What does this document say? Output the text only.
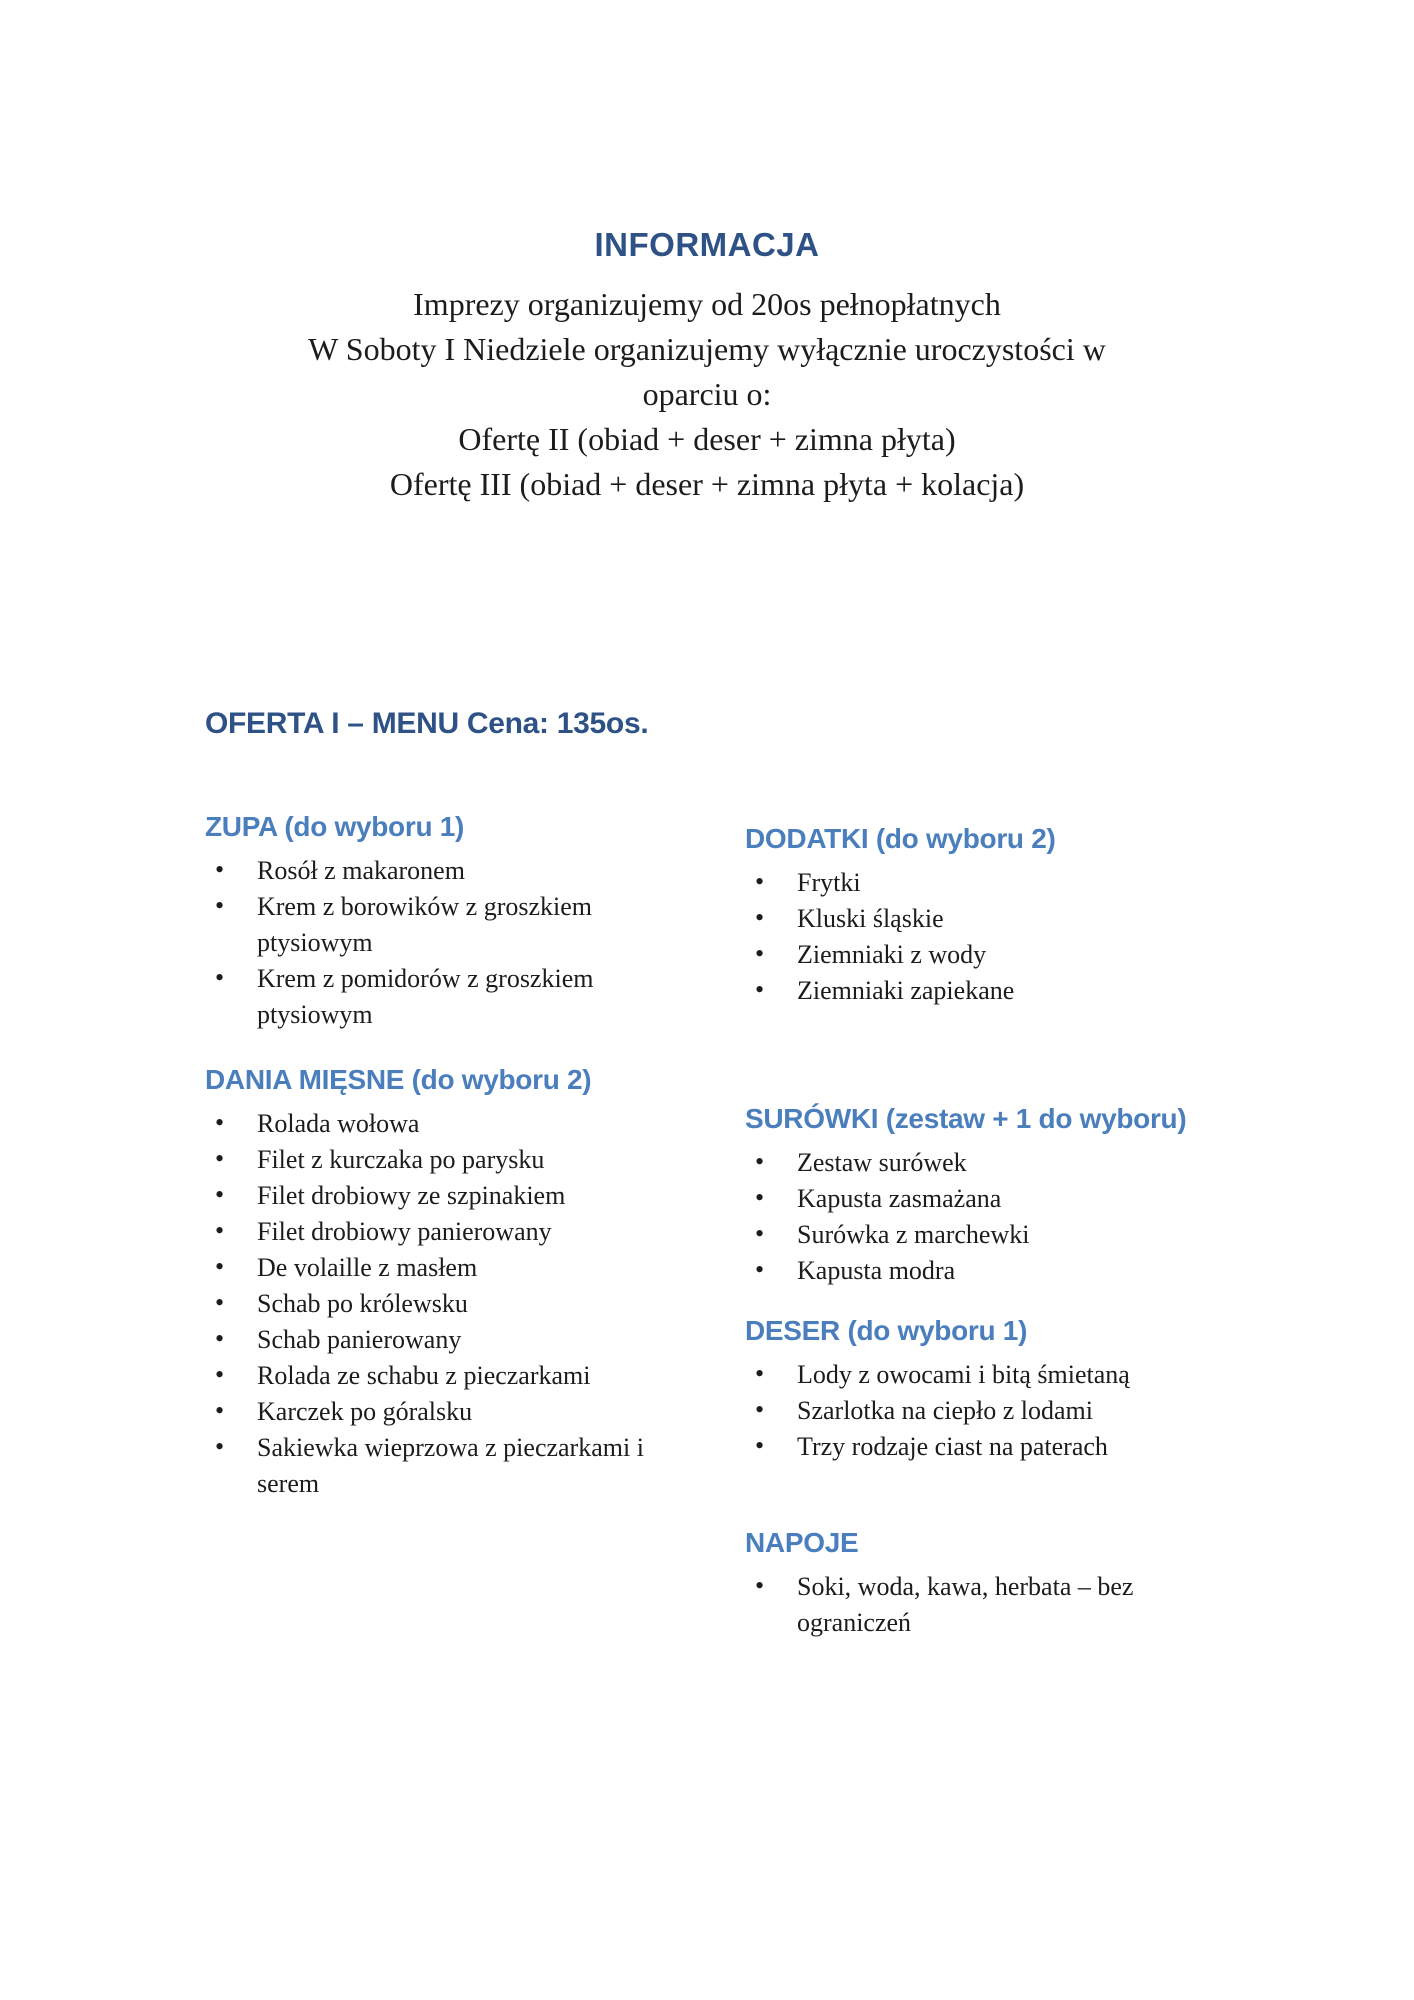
INFORMACJA
Imprezy organizujemy od 20os pełnopłatnych
W Soboty I Niedziele organizujemy wyłącznie uroczystości w
oparciu o:
Ofertę II (obiad + deser + zimna płyta)
Ofertę III (obiad + deser + zimna płyta + kolacja)
OFERTA I – MENU Cena: 135os.
ZUPA (do wyboru 1)
• Rosół z makaronem
• Krem z borowików z groszkiem ptysiowym
• Krem z pomidorów z groszkiem ptysiowym
DANIA MIĘSNE (do wyboru 2)
• Rolada wołowa
• Filet z kurczaka po parysku
• Filet drobiowy ze szpinakiem
• Filet drobiowy panierowany
• De volaille z masłem
• Schab po królewsku
• Schab panierowany
• Rolada ze schabu z pieczarkami
• Karczek po góralsku
• Sakiewka wieprzowa z pieczarkami i serem
DODATKI (do wyboru 2)
• Frytki
• Kluski śląskie
• Ziemniaki z wody
• Ziemniaki zapiekane
SURÓWKI (zestaw + 1 do wyboru)
• Zestaw surówek
• Kapusta zasmażana
• Surówka z marchewki
• Kapusta modra
DESER (do wyboru 1)
• Lody z owocami i bitą śmietaną
• Szarlotka na ciepło z lodami
• Trzy rodzaje ciast na paterach
NAPOJE
• Soki, woda, kawa, herbata – bez ograniczeń
